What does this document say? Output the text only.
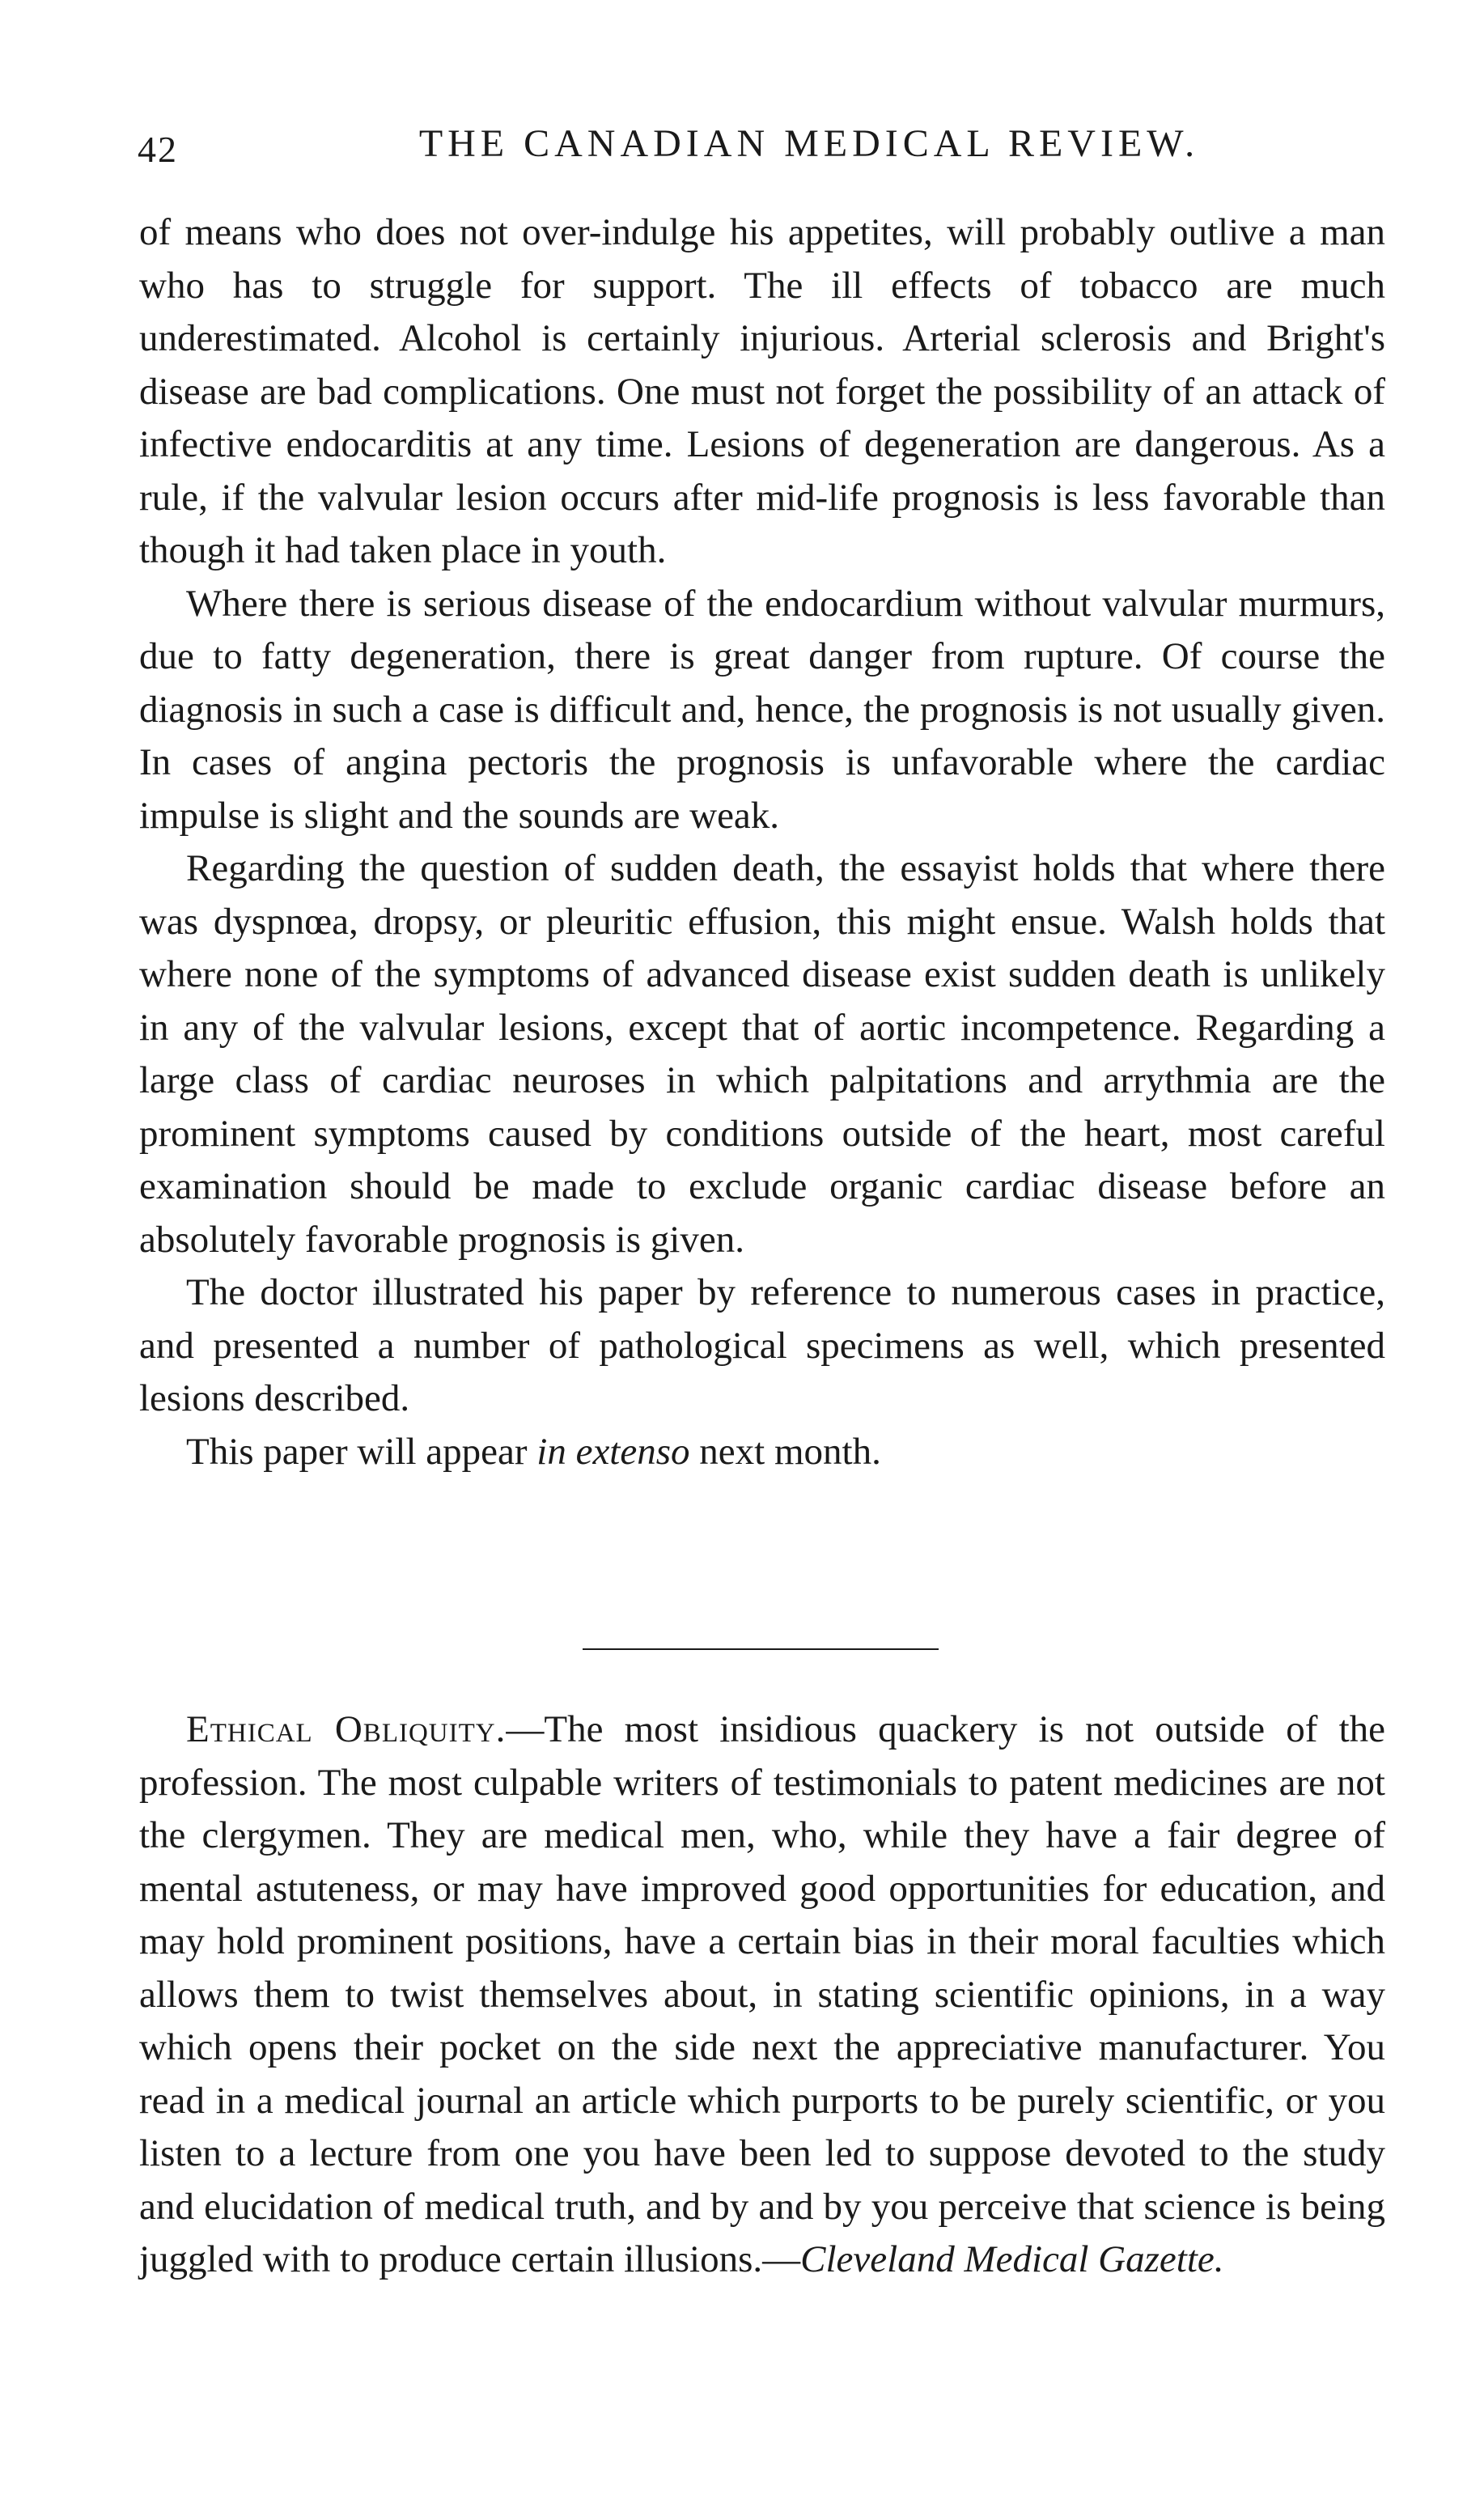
42	THE CANADIAN MEDICAL REVIEW.

of means who does not over-indulge his appetites, will probably outlive a man who has to struggle for support. The ill effects of tobacco are much underestimated. Alcohol is certainly injurious. Arterial sclerosis and Bright's disease are bad complications. One must not forget the possibility of an attack of infective endocarditis at any time. Lesions of degeneration are dangerous. As a rule, if the valvular lesion occurs after mid-life prognosis is less favorable than though it had taken place in youth.

Where there is serious disease of the endocardium without valvular murmurs, due to fatty degeneration, there is great danger from rupture. Of course the diagnosis in such a case is difficult and, hence, the prognosis is not usually given. In cases of angina pectoris the prognosis is unfavorable where the cardiac impulse is slight and the sounds are weak.

Regarding the question of sudden death, the essayist holds that where there was dyspnœa, dropsy, or pleuritic effusion, this might ensue. Walsh holds that where none of the symptoms of advanced disease exist sudden death is unlikely in any of the valvular lesions, except that of aortic incompetence. Regarding a large class of cardiac neuroses in which palpitations and arrythmia are the prominent symptoms caused by conditions outside of the heart, most careful examination should be made to exclude organic cardiac disease before an absolutely favorable prognosis is given.

The doctor illustrated his paper by reference to numerous cases in practice, and presented a number of pathological specimens as well, which presented lesions described.

This paper will appear in extenso next month.

Ethical Obliquity.—The most insidious quackery is not outside of the profession. The most culpable writers of testimonials to patent medicines are not the clergymen. They are medical men, who, while they have a fair degree of mental astuteness, or may have improved good opportunities for education, and may hold prominent positions, have a certain bias in their moral faculties which allows them to twist themselves about, in stating scientific opinions, in a way which opens their pocket on the side next the appreciative manufacturer. You read in a medical journal an article which purports to be purely scientific, or you listen to a lecture from one you have been led to suppose devoted to the study and elucidation of medical truth, and by and by you perceive that science is being juggled with to produce certain illusions.—Cleveland Medical Gazette.
